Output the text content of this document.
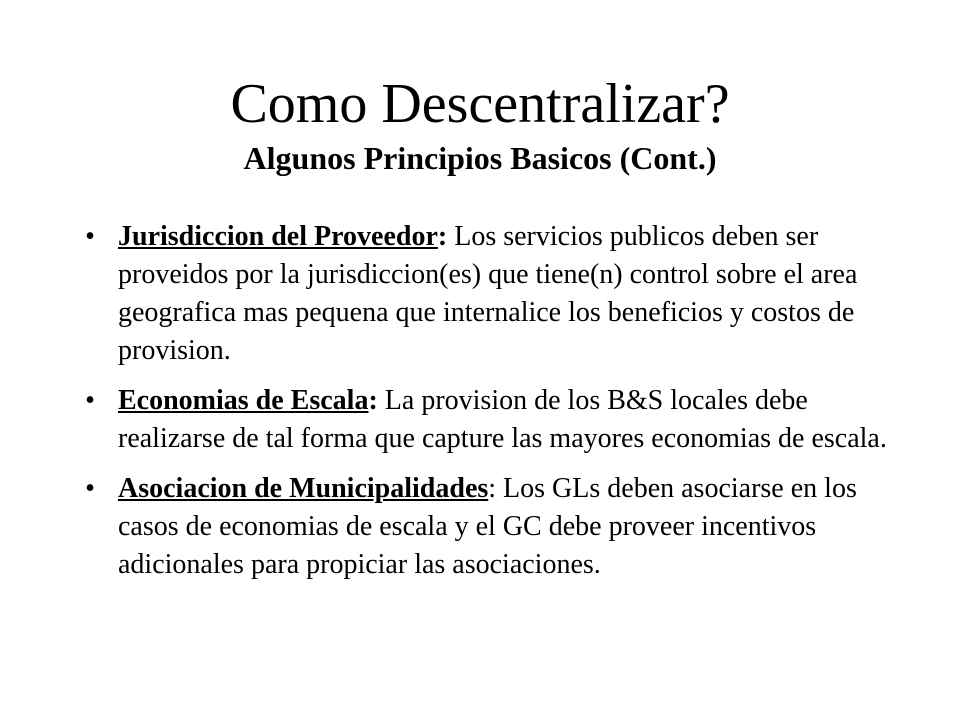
Como Descentralizar?
Algunos Principios Basicos (Cont.)
• Jurisdiccion del Proveedor: Los servicios publicos deben ser proveidos por la jurisdiccion(es) que tiene(n) control sobre el area geografica mas pequena que internalice los beneficios y costos de provision.
• Economias de Escala: La provision de los B&S locales debe realizarse de tal forma que capture las mayores economias de escala.
• Asociacion de Municipalidades: Los GLs deben asociarse en los casos de economias de escala y el GC debe proveer incentivos adicionales para propiciar las asociaciones.
